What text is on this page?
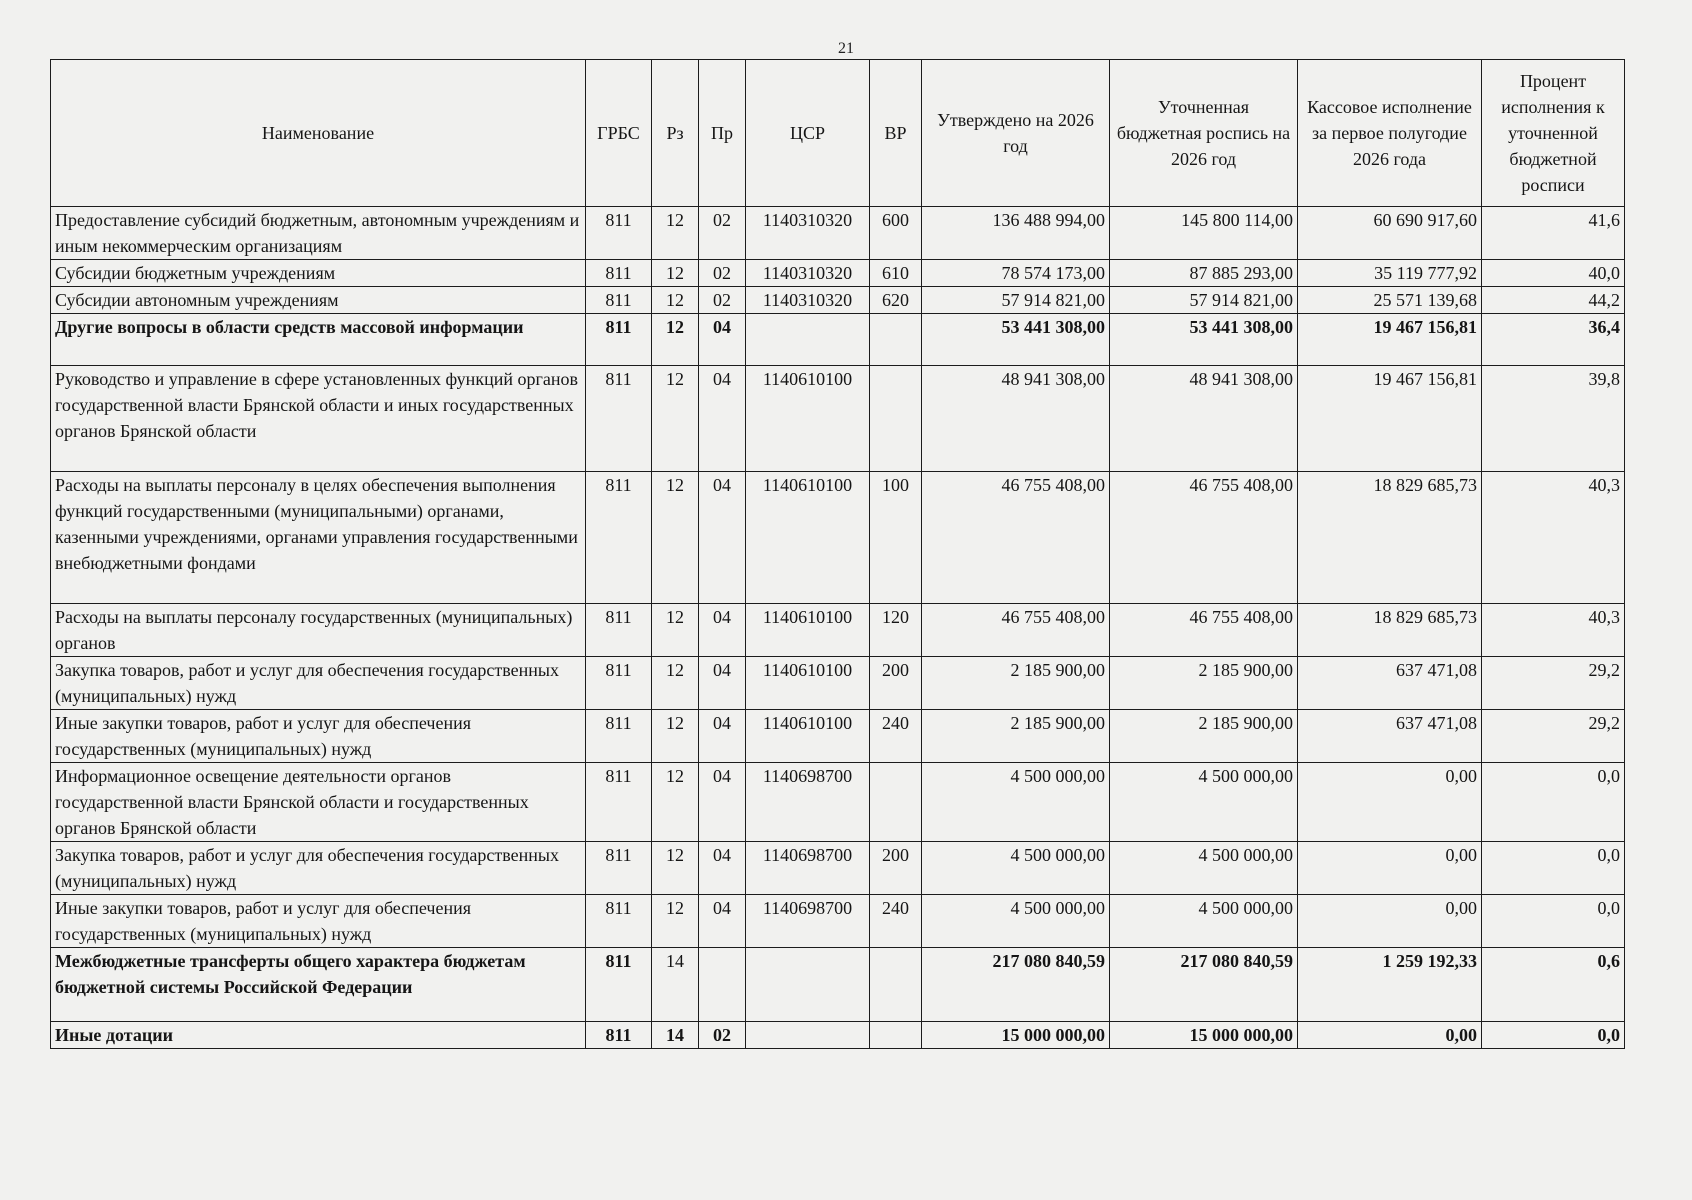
21
Наименование	ГРБС	Рз	Пр	ЦСР	ВР	Утверждено на 2026 год	Уточненная бюджетная роспись на 2026 год	Кассовое исполнение за первое полугодие 2026 года	Процент исполнения к уточненной бюджетной росписи
Предоставление субсидий бюджетным, автономным учреждениям и иным некоммерческим организациям	811	12	02	1140310320	600	136 488 994,00	145 800 114,00	60 690 917,60	41,6
Субсидии бюджетным учреждениям	811	12	02	1140310320	610	78 574 173,00	87 885 293,00	35 119 777,92	40,0
Субсидии автономным учреждениям	811	12	02	1140310320	620	57 914 821,00	57 914 821,00	25 571 139,68	44,2
Другие вопросы в области средств массовой информации	811	12	04			53 441 308,00	53 441 308,00	19 467 156,81	36,4
Руководство и управление в сфере установленных функций органов государственной власти Брянской области и иных государственных органов Брянской области	811	12	04	1140610100		48 941 308,00	48 941 308,00	19 467 156,81	39,8
Расходы на выплаты персоналу в целях обеспечения выполнения функций государственными (муниципальными) органами, казенными учреждениями, органами управления государственными внебюджетными фондами	811	12	04	1140610100	100	46 755 408,00	46 755 408,00	18 829 685,73	40,3
Расходы на выплаты персоналу государственных (муниципальных) органов	811	12	04	1140610100	120	46 755 408,00	46 755 408,00	18 829 685,73	40,3
Закупка товаров, работ и услуг для обеспечения государственных (муниципальных) нужд	811	12	04	1140610100	200	2 185 900,00	2 185 900,00	637 471,08	29,2
Иные закупки товаров, работ и услуг для обеспечения государственных (муниципальных) нужд	811	12	04	1140610100	240	2 185 900,00	2 185 900,00	637 471,08	29,2
Информационное освещение деятельности органов государственной власти Брянской области и государственных органов Брянской области	811	12	04	1140698700		4 500 000,00	4 500 000,00	0,00	0,0
Закупка товаров, работ и услуг для обеспечения государственных (муниципальных) нужд	811	12	04	1140698700	200	4 500 000,00	4 500 000,00	0,00	0,0
Иные закупки товаров, работ и услуг для обеспечения государственных (муниципальных) нужд	811	12	04	1140698700	240	4 500 000,00	4 500 000,00	0,00	0,0
Межбюджетные трансферты общего характера бюджетам бюджетной системы Российской Федерации	811	14				217 080 840,59	217 080 840,59	1 259 192,33	0,6
Иные дотации	811	14	02			15 000 000,00	15 000 000,00	0,00	0,0
